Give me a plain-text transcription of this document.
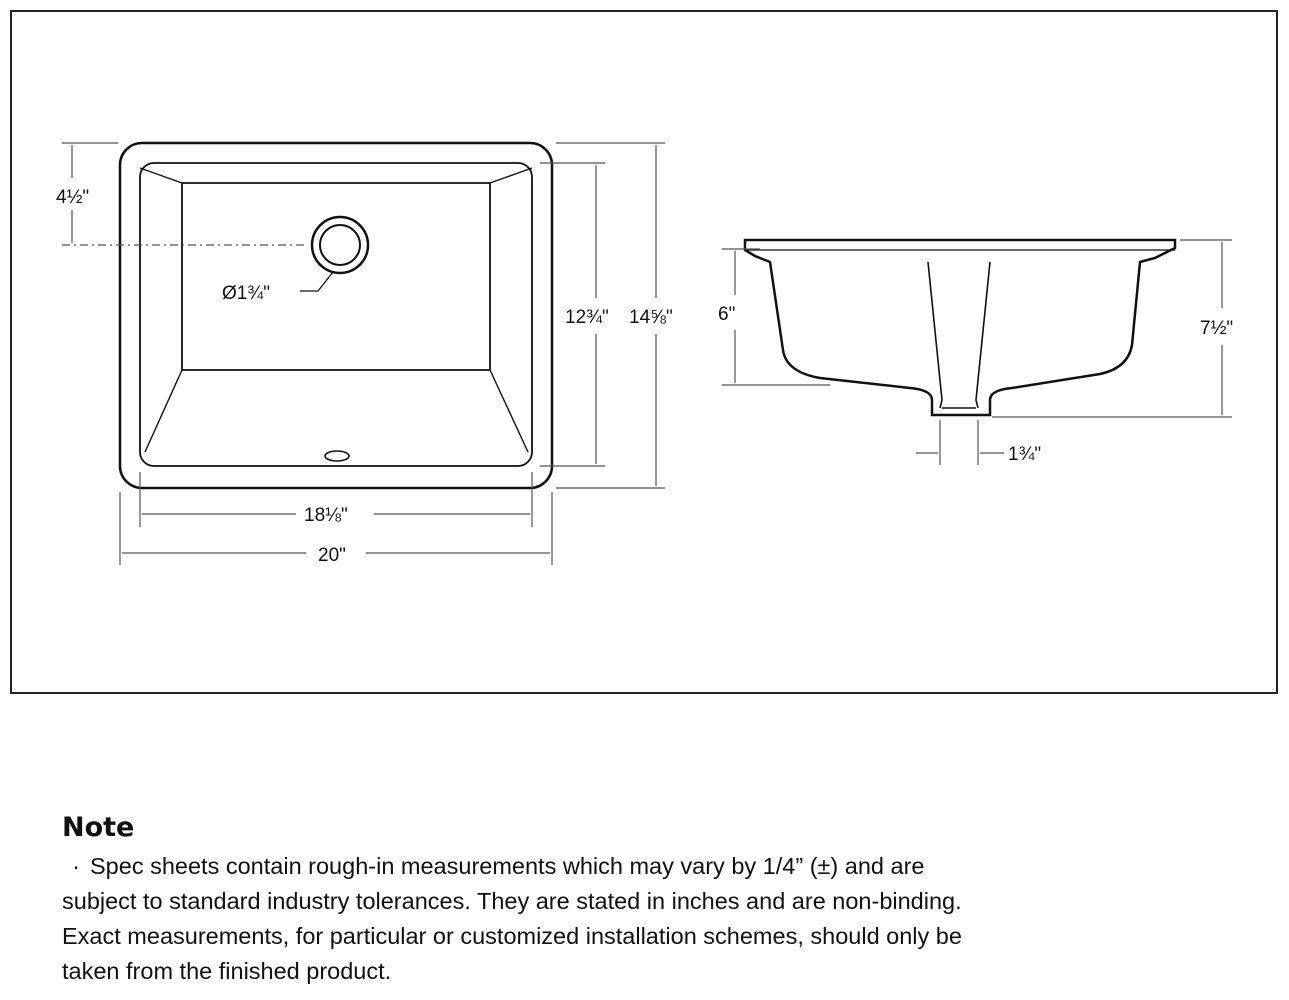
4½"
Ø1¾"
12¾" 14⅝"
18⅛"
20"
6"
7½"
1¾"
Note
· Spec sheets contain rough-in measurements which may vary by 1/4” (±) and are
subject to standard industry tolerances. They are stated in inches and are non-binding.
Exact measurements, for particular or customized installation schemes, should only be
taken from the finished product.
